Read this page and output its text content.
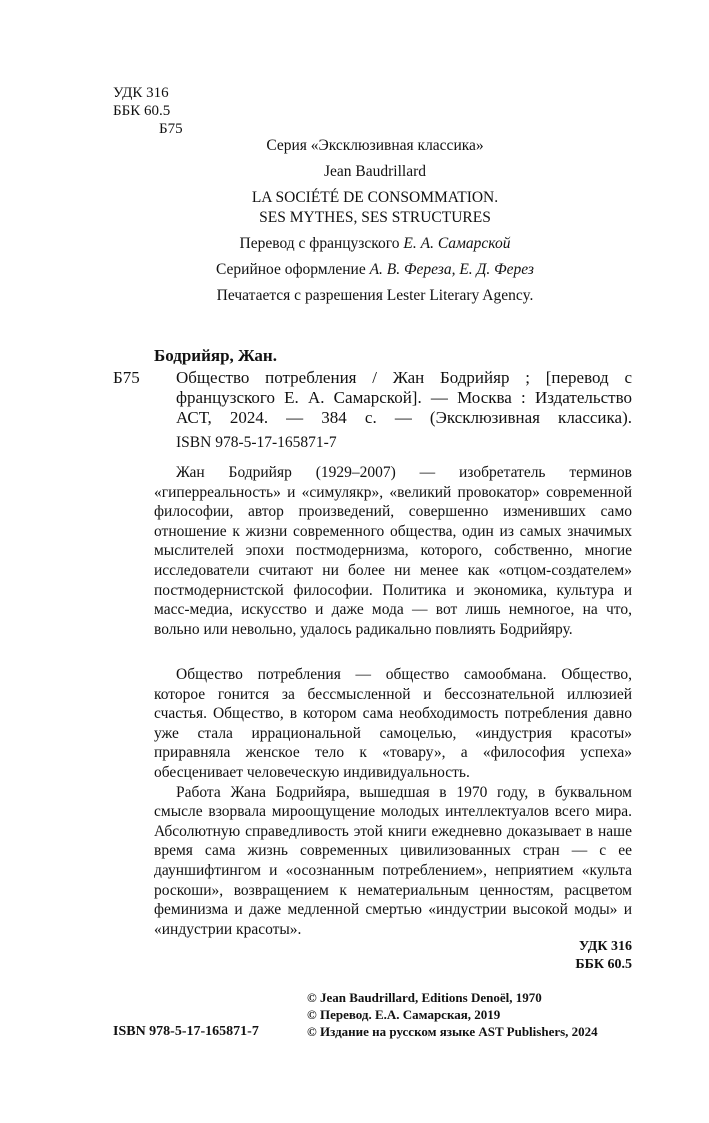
УДК 316
ББК 60.5
Б75
Серия «Эксклюзивная классика»
Jean Baudrillard
LA SOCIÉTÉ DE CONSOMMATION.
SES MYTHES, SES STRUCTURES
Перевод с французского Е. А. Самарской
Серийное оформление А. В. Фереза, Е. Д. Ферез
Печатается с разрешения Lester Literary Agency.
Бодрийяр, Жан.
Б75 Общество потребления / Жан Бодрийяр ; [перевод с французского Е. А. Самарской]. — Москва : Издательство АСТ, 2024. — 384 с. — (Эксклюзивная классика).
ISBN 978-5-17-165871-7

Жан Бодрийяр (1929–2007) — изобретатель терминов «гиперреальность» и «симулякр», «великий провокатор» современной философии, автор произведений, совершенно изменивших само отношение к жизни современного общества, один из самых значимых мыслителей эпохи постмодернизма, которого, собственно, многие исследователи считают ни более ни менее как «отцом-создателем» постмодернистской философии. Политика и экономика, культура и масс-медиа, искусство и даже мода — вот лишь немногое, на что, вольно или невольно, удалось радикально повлиять Бодрийяру.

Общество потребления — общество самообмана. Общество, которое гонится за бессмысленной и бессознательной иллюзией счастья. Общество, в котором сама необходимость потребления давно уже стала иррациональной самоцелью, «индустрия красоты» приравняла женское тело к «товару», а «философия успеха» обесценивает человеческую индивидуальность.

Работа Жана Бодрийяра, вышедшая в 1970 году, в буквальном смысле взорвала мироощущение молодых интеллектуалов всего мира. Абсолютную справедливость этой книги ежедневно доказывает в наше время сама жизнь современных цивилизованных стран — с ее дауншифтингом и «осознанным потреблением», неприятием «культа роскоши», возвращением к нематериальным ценностям, расцветом феминизма и даже медленной смертью «индустрии высокой моды» и «индустрии красоты».

УДК 316
ББК 60.5
ISBN 978-5-17-165871-7
© Jean Baudrillard, Editions Denoël, 1970
© Перевод. Е.А. Самарская, 2019
© Издание на русском языке AST Publishers, 2024
